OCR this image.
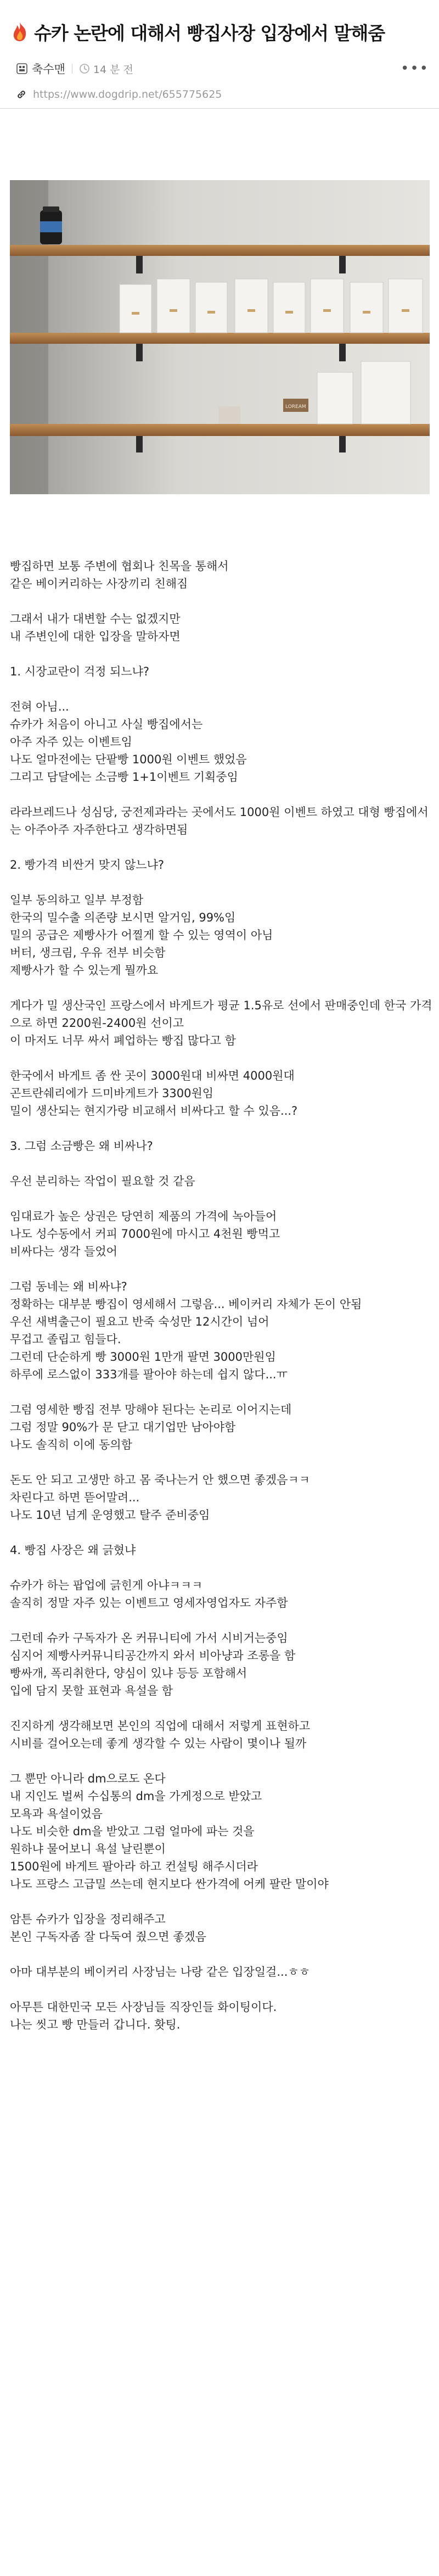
슈카 논란에 대해서 빵집사장 입장에서 말해줌
축수맨	14 분 전	•••
https://www.dogdrip.net/655775625
LOREAM

빵집하면 보통 주변에 협회나 친목을 통해서
같은 베이커리하는 사장끼리 친해짐

그래서 내가 대변할 수는 없겠지만
내 주변인에 대한 입장을 말하자면

1. 시장교란이 걱정 되느냐?

전혀 아님...
슈카가 처음이 아니고 사실 빵집에서는
아주 자주 있는 이벤트임
나도 얼마전에는 단팥빵 1000원 이벤트 했었음
그리고 담달에는 소금빵 1+1이벤트 기획중임

라라브레드나 성심당, 궁전제과라는 곳에서도 1000원 이벤트 하였고 대형 빵집에서는 아주아주 자주한다고 생각하면됨

2. 빵가격 비싼거 맞지 않느냐?

일부 동의하고 일부 부정함
한국의 밀수출 의존량 보시면 알거임, 99%임
밀의 공급은 제빵사가 어찔게 할 수 있는 영역이 아님
버터, 생크림, 우유 전부 비슷함
제빵사가 할 수 있는게 뭘까요

게다가 밀 생산국인 프랑스에서 바게트가 평균 1.5유로 선에서 판매중인데 한국 가격으로 하면 2200원-2400원 선이고
이 마저도 너무 싸서 폐업하는 빵집 많다고 함

한국에서 바게트 좀 싼 곳이 3000원대 비싸면 4000원대
곤트란쉐리에가 드미바게트가 3300원임
밀이 생산되는 현지가랑 비교해서 비싸다고 할 수 있음...?

3. 그럼 소금빵은 왜 비싸나?

우선 분리하는 작업이 필요할 것 같음

임대료가 높은 상권은 당연히 제품의 가격에 녹아들어
나도 성수동에서 커피 7000원에 마시고 4천원 빵먹고
비싸다는 생각 들었어

그럼 동네는 왜 비싸냐?
정확하는 대부분 빵집이 영세해서 그렇음... 베이커리 자체가 돈이 안됨
우선 새벽출근이 필요고 반죽 숙성만 12시간이 넘어
무겁고 졸립고 힘들다.
그런데 단순하게 빵 3000원 1만개 팔면 3000만원임
하루에 로스없이 333개를 팔아야 하는데 쉽지 않다...ㅠ

그럼 영세한 빵집 전부 망해야 된다는 논리로 이어지는데
그럼 정말 90%가 문 닫고 대기업만 남아야함
나도 솔직히 이에 동의함

돈도 안 되고 고생만 하고 몸 죽나는거 안 했으면 좋겠음ㅋㅋ
차린다고 하면 뜯어말려...
나도 10년 넘게 운영했고 탈주 준비중임

4. 빵집 사장은 왜 긁혔냐

슈카가 하는 팝업에 긁힌게 아냐ㅋㅋㅋ
솔직히 정말 자주 있는 이벤트고 영세자영업자도 자주함

그런데 슈카 구독자가 온 커뮤니티에 가서 시비거는중임
심지어 제빵사커뮤니티공간까지 와서 비아냥과 조롱을 함
빵싸개, 폭리취한다, 양심이 있냐 등등 포함해서
입에 담지 못할 표현과 욕설을 함

진지하게 생각해보면 본인의 직업에 대해서 저렇게 표현하고
시비를 걸어오는데 좋게 생각할 수 있는 사람이 몇이나 될까

그 뿐만 아니라 dm으로도 온다
내 지인도 벌써 수십통의 dm을 가게정으로 받았고
모욕과 욕설이었음
나도 비슷한 dm을 받았고 그럼 얼마에 파는 것을
원하냐 물어보니 욕설 날린뿐이
1500원에 바게트 팔아라 하고 컨설팅 해주시더라
나도 프랑스 고급밀 쓰는데 현지보다 싼가격에 어케 팔란 말이야

암튼 슈카가 입장을 정리해주고
본인 구독자좀 잘 다둑여 줬으면 좋겠음

아마 대부분의 베이커리 사장님는 나랑 같은 입장일걸...ㅎㅎ

아무튼 대한민국 모든 사장님들 직장인들 화이팅이다.
나는 씻고 빵 만들러 갑니다. 홧팅.
